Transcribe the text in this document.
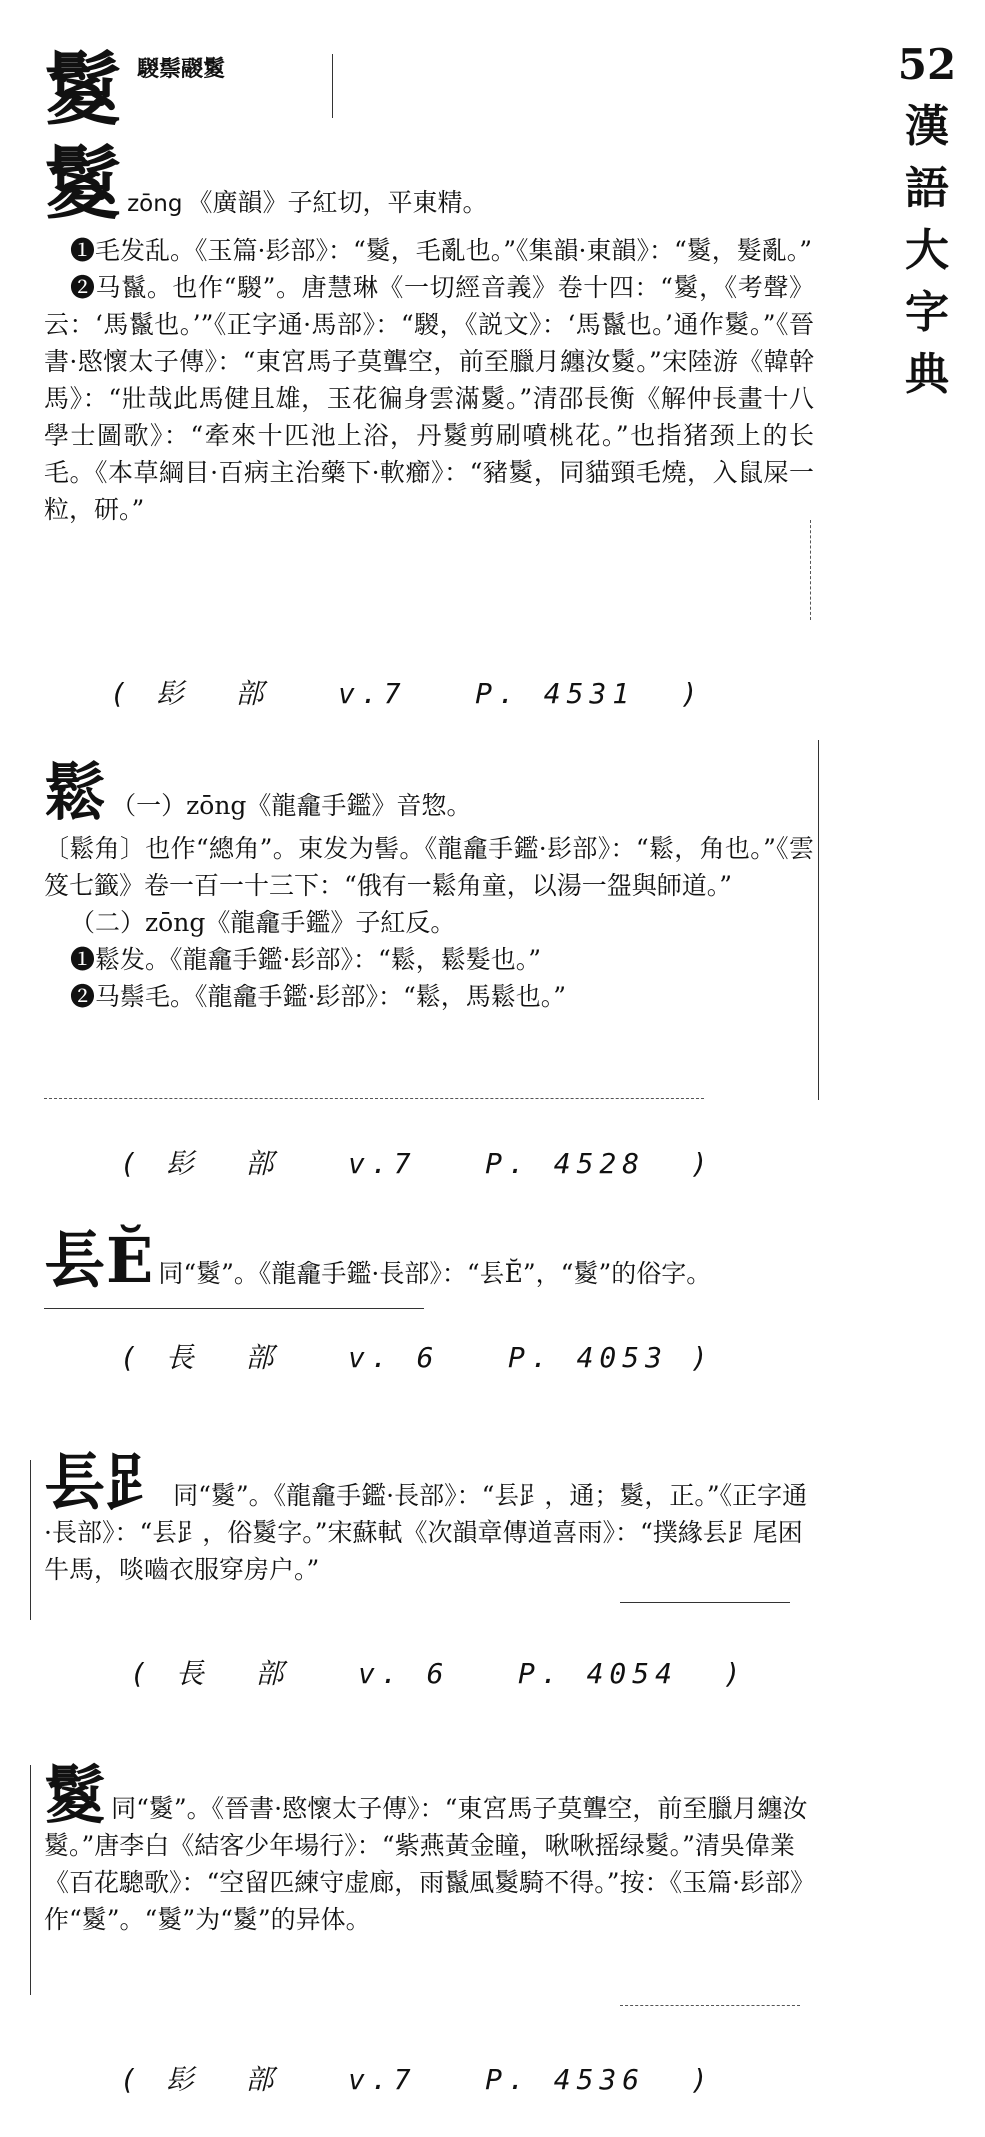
52
漢
語
大
字
典
鬉 騣鬃鬷鬉
鬉 zōng 《廣韻》子紅切，平東精。

❶毛发乱。《玉篇·髟部》：“鬉，毛亂也。”《集韻·東韻》：“鬉，髮亂。”

❷马鬣。也作“騣”。唐慧琳《一切經音義》卷十四：“鬉，《考聲》云：‘馬鬣也。’”《正字通·馬部》：“騣，《説文》：‘馬鬣也。’通作鬉。”《晉書·愍懷太子傳》：“東宮馬子莫聾空，前至臘月纏汝鬉。”宋陸游《韓幹馬》：“壯哉此馬健且雄，玉花徧身雲滿鬉。”清邵長衡《解仲長畫十八學士圖歌》：“牽來十匹池上浴，丹鬉剪刷噴桃花。”也指猪颈上的长毛。《本草綱目·百病主治藥下·軟癤》：“豬鬉，同貓頸毛燒，入鼠屎一粒，研。”

( 髟  部   v.7   P. 4531  )
鬆 （一）zōng《龍龕手鑑》音惣。

〔鬆角〕也作“總角”。束发为髻。《龍龕手鑑·髟部》：“鬆，角也。”《雲笈七籤》卷一百一十三下：“俄有一鬆角童，以湯一盌與師道。”

（二）zōng《龍龕手鑑》子紅反。

❶鬆发。《龍龕手鑑·髟部》：“鬆，鬆髮也。”

❷马鬃毛。《龍龕手鑑·髟部》：“鬆，馬鬆也。”

( 髟  部   v.7   P. 4528  )
镸Ĕ 同“鬉”。《龍龕手鑑·長部》：“镸Ĕ”，“鬉”的俗字。
( 長  部   v. 6   P. 4053 )
镸𧾷 同“鬉”。《龍龕手鑑·長部》：“镸𧾷，通；鬉，正。”《正字通·長部》：“镸𧾷，俗鬉字。”宋蘇軾《次韻章傳道喜雨》：“撲緣镸𧾷尾困牛馬，啖嚙衣服穿房户。”
( 長  部   v. 6   P. 4054  )
鬉 同“鬉”。《晉書·愍懷太子傳》：“東宮馬子莫聾空，前至臘月纏汝鬉。”唐李白《結客少年場行》：“紫燕黃金瞳，啾啾摇绿鬉。”清吳偉業《百花驄歌》：“空留匹練守虚廊，雨鬣風鬉騎不得。”按：《玉篇·髟部》作“鬉”。“鬉”为“鬉”的异体。
( 髟  部   v.7   P. 4536  )
